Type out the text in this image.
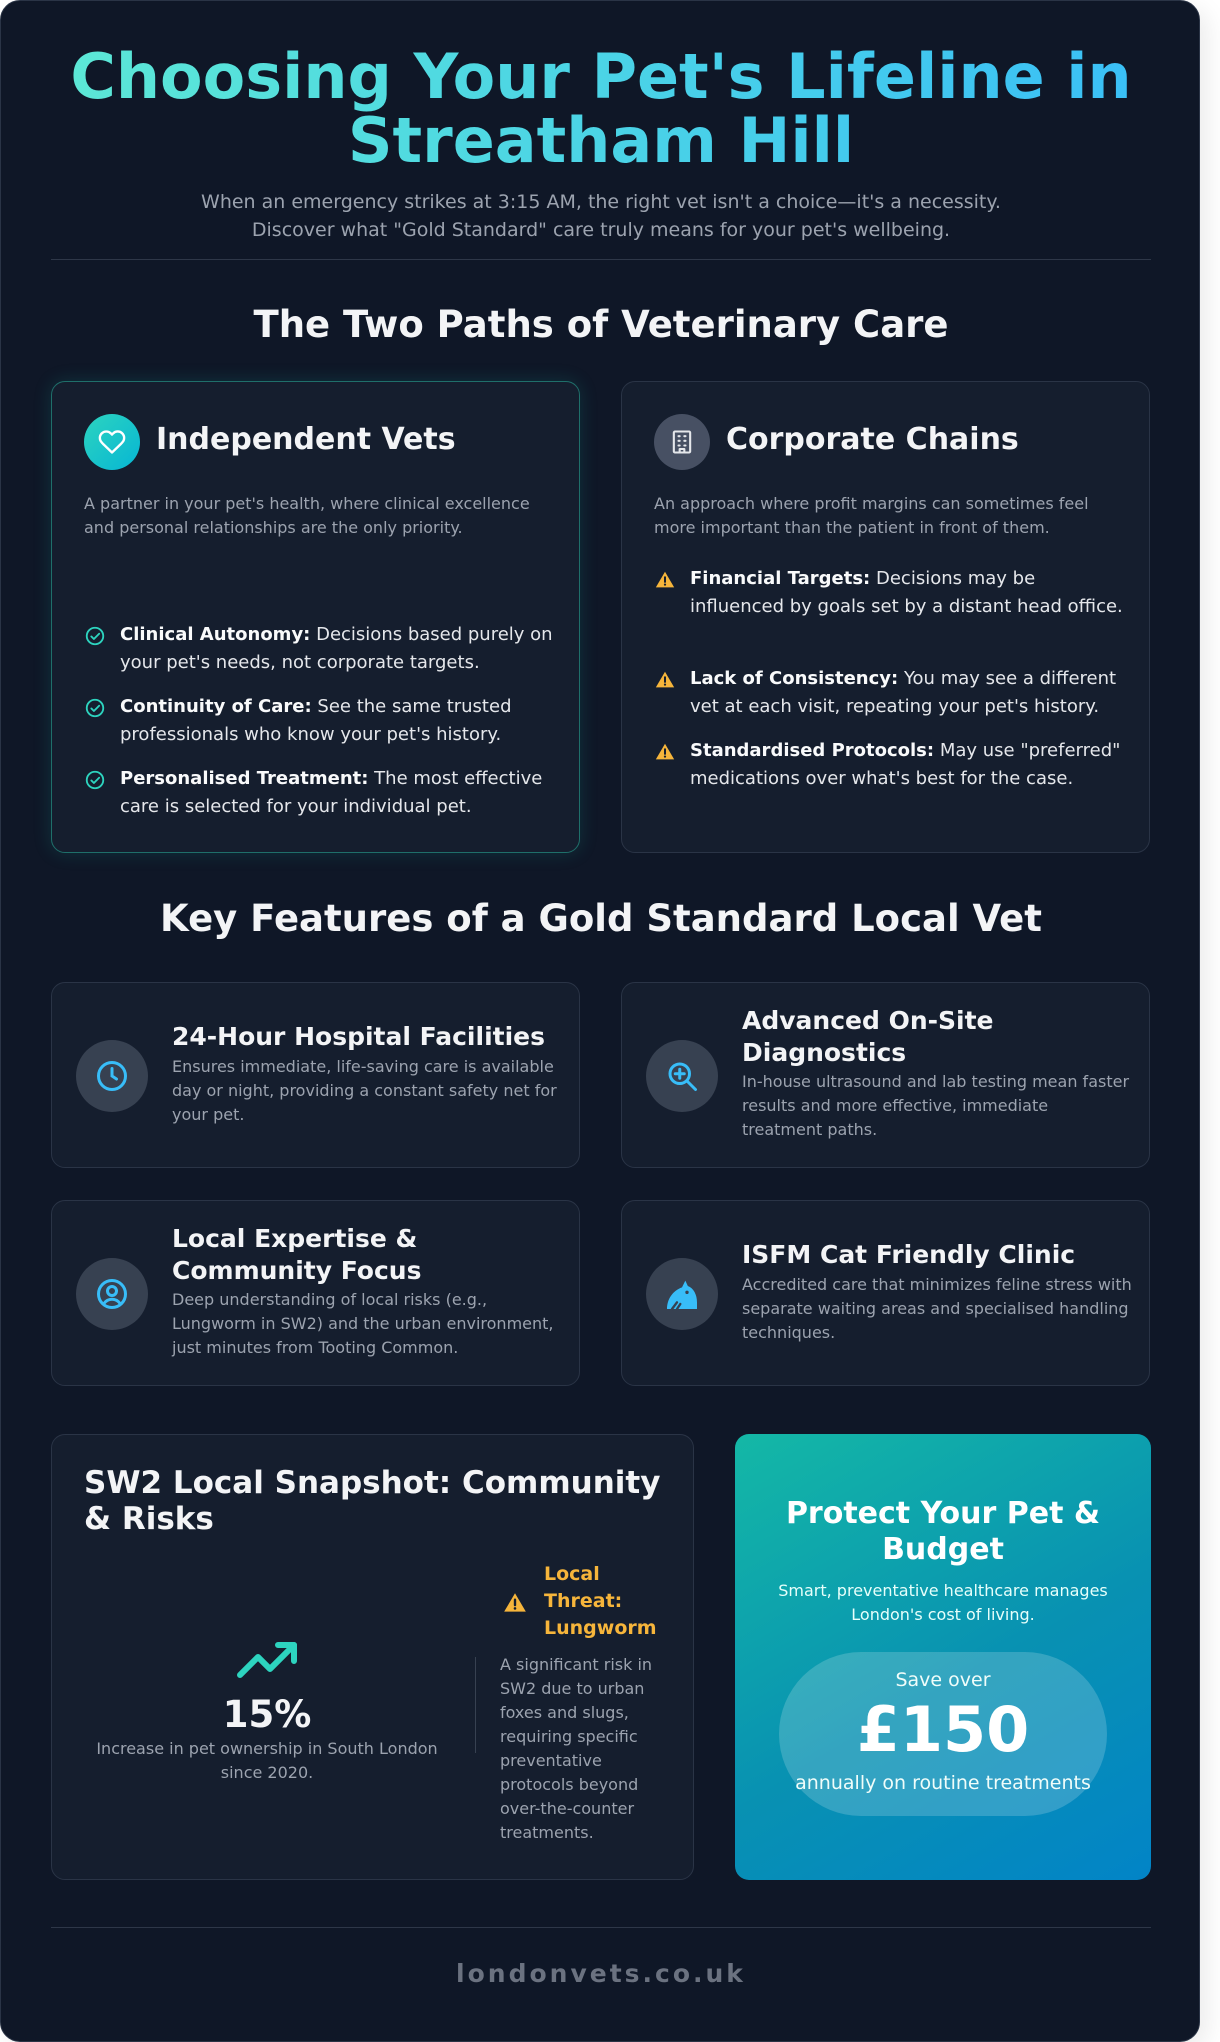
Choosing Your Pet's Lifeline in
Streatham Hill

When an emergency strikes at 3:15 AM, the right vet isn't a choice—it's a necessity.
Discover what "Gold Standard" care truly means for your pet's wellbeing.

The Two Paths of Veterinary Care
Independent Vets

A partner in your pet's health, where clinical excellence and personal relationships are the only priority.

Clinical Autonomy: Decisions based purely on your pet's needs, not corporate targets.
Continuity of Care: See the same trusted professionals who know your pet's history.
Personalised Treatment: The most effective care is selected for your individual pet.
Corporate Chains

An approach where profit margins can sometimes feel more important than the patient in front of them.

Financial Targets: Decisions may be influenced by goals set by a distant head office.
Lack of Consistency: You may see a different vet at each visit, repeating your pet's history.
Standardised Protocols: May use "preferred" medications over what's best for the case.
Key Features of a Gold Standard Local Vet
24-Hour Hospital Facilities

Ensures immediate, life-saving care is available day or night, providing a constant safety net for your pet.

Advanced On-Site Diagnostics

In-house ultrasound and lab testing mean faster results and more effective, immediate treatment paths.

Local Expertise & Community Focus

Deep understanding of local risks (e.g., Lungworm in SW2) and the urban environment, just minutes from Tooting Common.

ISFM Cat Friendly Clinic

Accredited care that minimizes feline stress with separate waiting areas and specialised handling techniques.

SW2 Local Snapshot: Community & Risks

15%

Increase in pet ownership in South London since 2020.

Local Threat: Lungworm

A significant risk in SW2 due to urban foxes and slugs, requiring specific preventative protocols beyond over-the-counter treatments.

Protect Your Pet & Budget

Smart, preventative healthcare manages London's cost of living.

Save over

£150

annually on routine treatments

londonvets.co.uk
